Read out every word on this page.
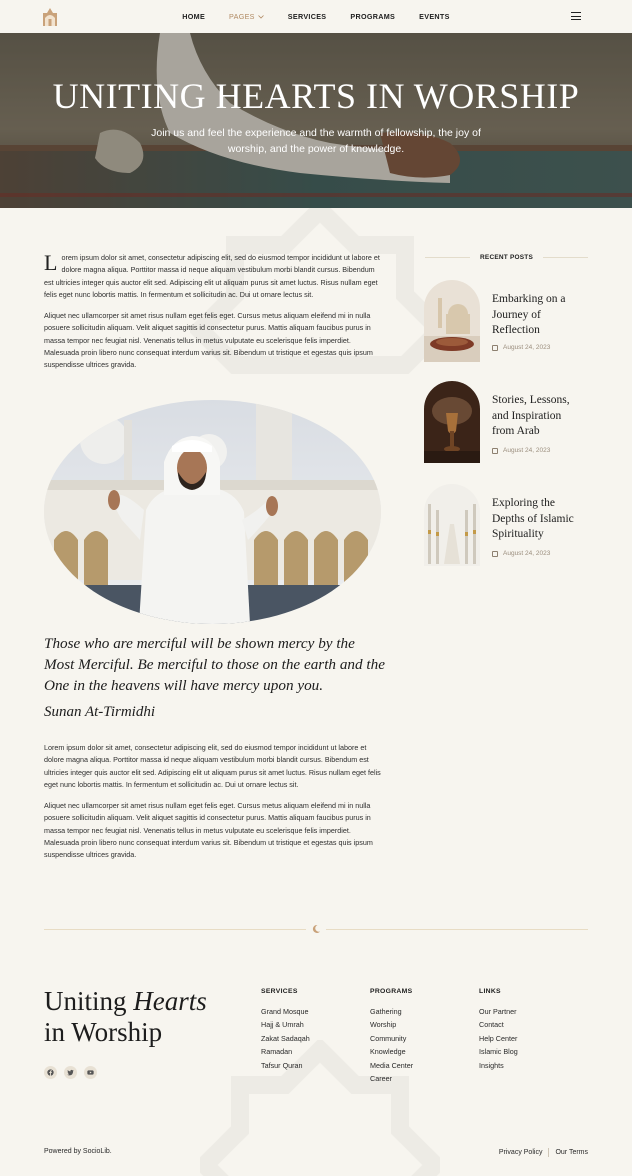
HOME	PAGES	SERVICES	PROGRAMS	EVENTS
UNITING HEARTS IN WORSHIP
Join us and feel the experience and the warmth of fellowship, the joy of worship, and the power of knowledge.

Lorem ipsum dolor sit amet, consectetur adipiscing elit, sed do eiusmod tempor incididunt ut labore et dolore magna aliqua. Porttitor massa id neque aliquam vestibulum morbi blandit cursus. Bibendum est ultricies integer quis auctor elit sed. Adipiscing elit ut aliquam purus sit amet luctus. Risus nullam eget felis eget nunc lobortis mattis. In fermentum et sollicitudin ac. Dui ut ornare lectus sit.

Aliquet nec ullamcorper sit amet risus nullam eget felis eget. Cursus metus aliquam eleifend mi in nulla posuere sollicitudin aliquam. Velit aliquet sagittis id consectetur purus. Mattis aliquam faucibus purus in massa tempor nec feugiat nisl. Venenatis tellus in metus vulputate eu scelerisque felis imperdiet. Malesuada proin libero nunc consequat interdum varius sit. Bibendum ut tristique et egestas quis ipsum suspendisse ultrices gravida.

Those who are merciful will be shown mercy by the Most Merciful. Be merciful to those on the earth and the One in the heavens will have mercy upon you.
Sunan At-Tirmidhi

Lorem ipsum dolor sit amet, consectetur adipiscing elit, sed do eiusmod tempor incididunt ut labore et dolore magna aliqua. Porttitor massa id neque aliquam vestibulum morbi blandit cursus. Bibendum est ultricies integer quis auctor elit sed. Adipiscing elit ut aliquam purus sit amet luctus. Risus nullam eget felis eget nunc lobortis mattis. In fermentum et sollicitudin ac. Dui ut ornare lectus sit.

Aliquet nec ullamcorper sit amet risus nullam eget felis eget. Cursus metus aliquam eleifend mi in nulla posuere sollicitudin aliquam. Velit aliquet sagittis id consectetur purus. Mattis aliquam faucibus purus in massa tempor nec feugiat nisl. Venenatis tellus in metus vulputate eu scelerisque felis imperdiet. Malesuada proin libero nunc consequat interdum varius sit. Bibendum ut tristique et egestas quis ipsum suspendisse ultrices gravida.

RECENT POSTS
Embarking on a Journey of Reflection
August 24, 2023
Stories, Lessons, and Inspiration from Arab
August 24, 2023
Exploring the Depths of Islamic Spirituality
August 24, 2023
Uniting Hearts
in Worship
SERVICES
Grand Mosque
Hajj & Umrah
Zakat Sadaqah
Ramadan
Tafsur Quran
PROGRAMS
Gathering
Worship
Community
Knowledge
Media Center
Career
LINKS
Our Partner
Contact
Help Center
Islamic Blog
Insights
Powered by SocioLib.	Privacy Policy Our Terms
